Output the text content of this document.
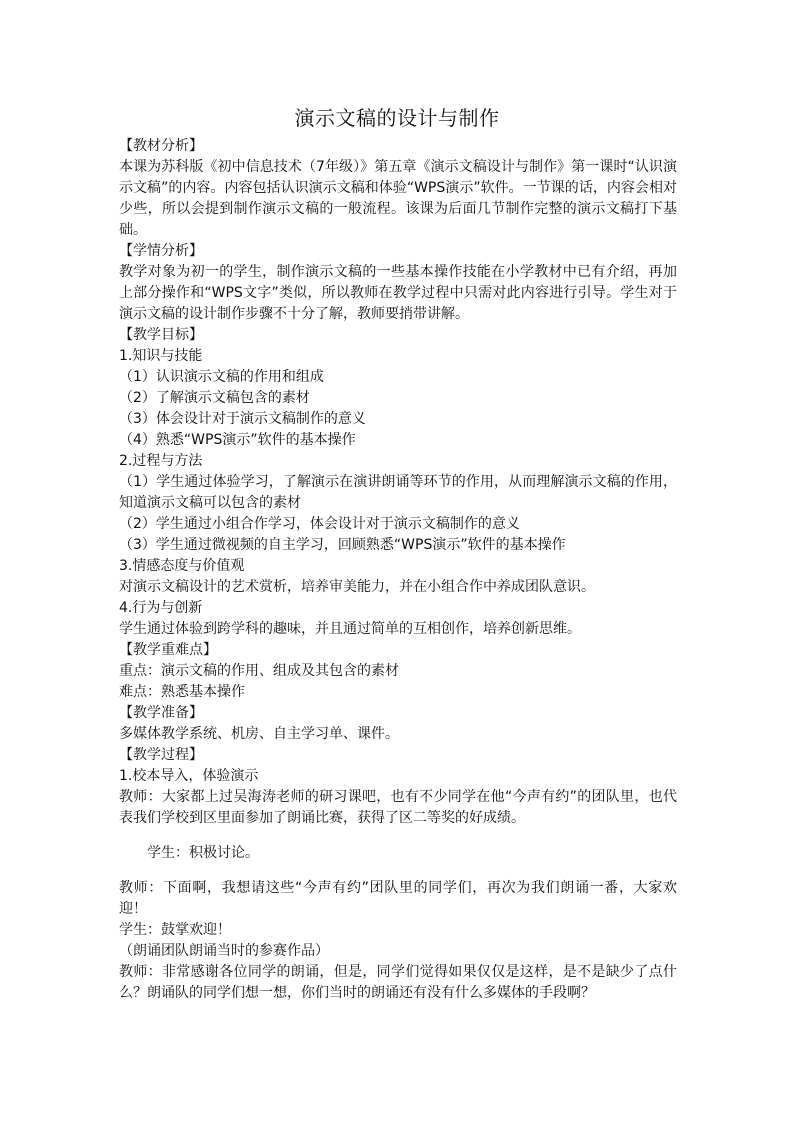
演示文稿的设计与制作
【教材分析】
本课为苏科版《初中信息技术（7年级）》第五章《演示文稿设计与制作》第一课时“认识演示文稿”的内容。内容包括认识演示文稿和体验“WPS演示”软件。一节课的话，内容会相对少些，所以会提到制作演示文稿的一般流程。该课为后面几节制作完整的演示文稿打下基础。
【学情分析】
教学对象为初一的学生，制作演示文稿的一些基本操作技能在小学教材中已有介绍，再加上部分操作和“WPS文字”类似，所以教师在教学过程中只需对此内容进行引导。学生对于演示文稿的设计制作步骤不十分了解，教师要捎带讲解。
【教学目标】
1.知识与技能
（1）认识演示文稿的作用和组成
（2）了解演示文稿包含的素材
（3）体会设计对于演示文稿制作的意义
（4）熟悉“WPS演示”软件的基本操作
2.过程与方法
（1）学生通过体验学习，了解演示在演讲朗诵等环节的作用，从而理解演示文稿的作用，知道演示文稿可以包含的素材
（2）学生通过小组合作学习，体会设计对于演示文稿制作的意义
（3）学生通过微视频的自主学习，回顾熟悉“WPS演示”软件的基本操作
3.情感态度与价值观
对演示文稿设计的艺术赏析，培养审美能力，并在小组合作中养成团队意识。
4.行为与创新
学生通过体验到跨学科的趣味，并且通过简单的互相创作，培养创新思维。
【教学重难点】
重点：演示文稿的作用、组成及其包含的素材
难点：熟悉基本操作
【教学准备】
多媒体教学系统、机房、自主学习单、课件。
【教学过程】
1.校本导入，体验演示
教师：大家都上过吴海涛老师的研习课吧，也有不少同学在他“今声有约”的团队里，也代表我们学校到区里面参加了朗诵比赛，获得了区二等奖的好成绩。
学生：积极讨论。
教师：下面啊，我想请这些“今声有约”团队里的同学们，再次为我们朗诵一番，大家欢迎！
学生：鼓掌欢迎！
（朗诵团队朗诵当时的参赛作品）
教师：非常感谢各位同学的朗诵，但是，同学们觉得如果仅仅是这样，是不是缺少了点什么？朗诵队的同学们想一想，你们当时的朗诵还有没有什么多媒体的手段啊？
